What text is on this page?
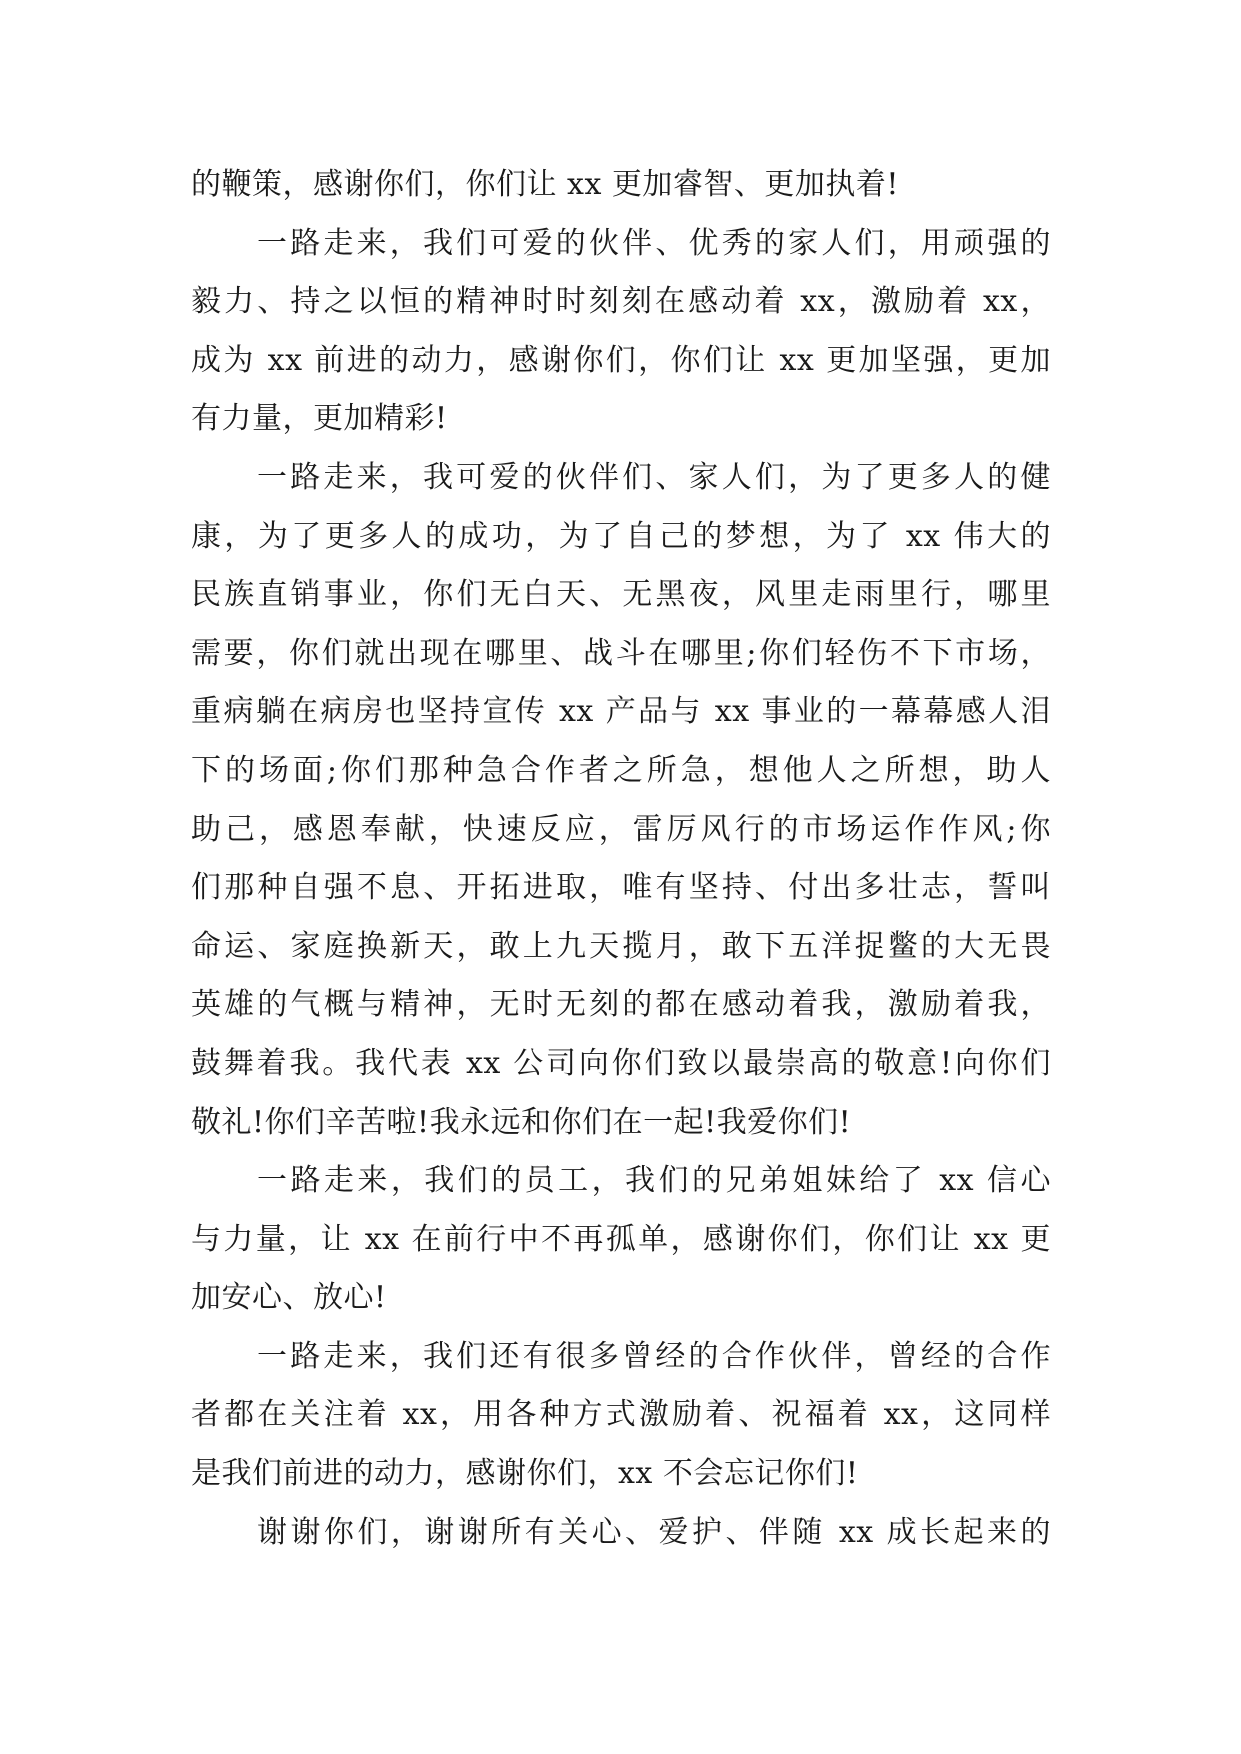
的鞭策，感谢你们，你们让 xx 更加睿智、更加执着!
一路走来，我们可爱的伙伴、优秀的家人们，用顽强的
毅力、持之以恒的精神时时刻刻在感动着 xx，激励着 xx，
成为 xx 前进的动力，感谢你们，你们让 xx 更加坚强，更加
有力量，更加精彩!
一路走来，我可爱的伙伴们、家人们，为了更多人的健
康，为了更多人的成功，为了自己的梦想，为了 xx 伟大的
民族直销事业，你们无白天、无黑夜，风里走雨里行，哪里
需要，你们就出现在哪里、战斗在哪里;你们轻伤不下市场，
重病躺在病房也坚持宣传 xx 产品与 xx 事业的一幕幕感人泪
下的场面;你们那种急合作者之所急，想他人之所想，助人
助己，感恩奉献，快速反应，雷厉风行的市场运作作风;你
们那种自强不息、开拓进取，唯有坚持、付出多壮志，誓叫
命运、家庭换新天，敢上九天揽月，敢下五洋捉鳖的大无畏
英雄的气概与精神，无时无刻的都在感动着我，激励着我，
鼓舞着我。我代表 xx 公司向你们致以最崇高的敬意!向你们
敬礼!你们辛苦啦!我永远和你们在一起!我爱你们!
一路走来，我们的员工，我们的兄弟姐妹给了 xx 信心
与力量，让 xx 在前行中不再孤单，感谢你们，你们让 xx 更
加安心、放心!
一路走来，我们还有很多曾经的合作伙伴，曾经的合作
者都在关注着 xx，用各种方式激励着、祝福着 xx，这同样
是我们前进的动力，感谢你们，xx 不会忘记你们!
谢谢你们，谢谢所有关心、爱护、伴随 xx 成长起来的
